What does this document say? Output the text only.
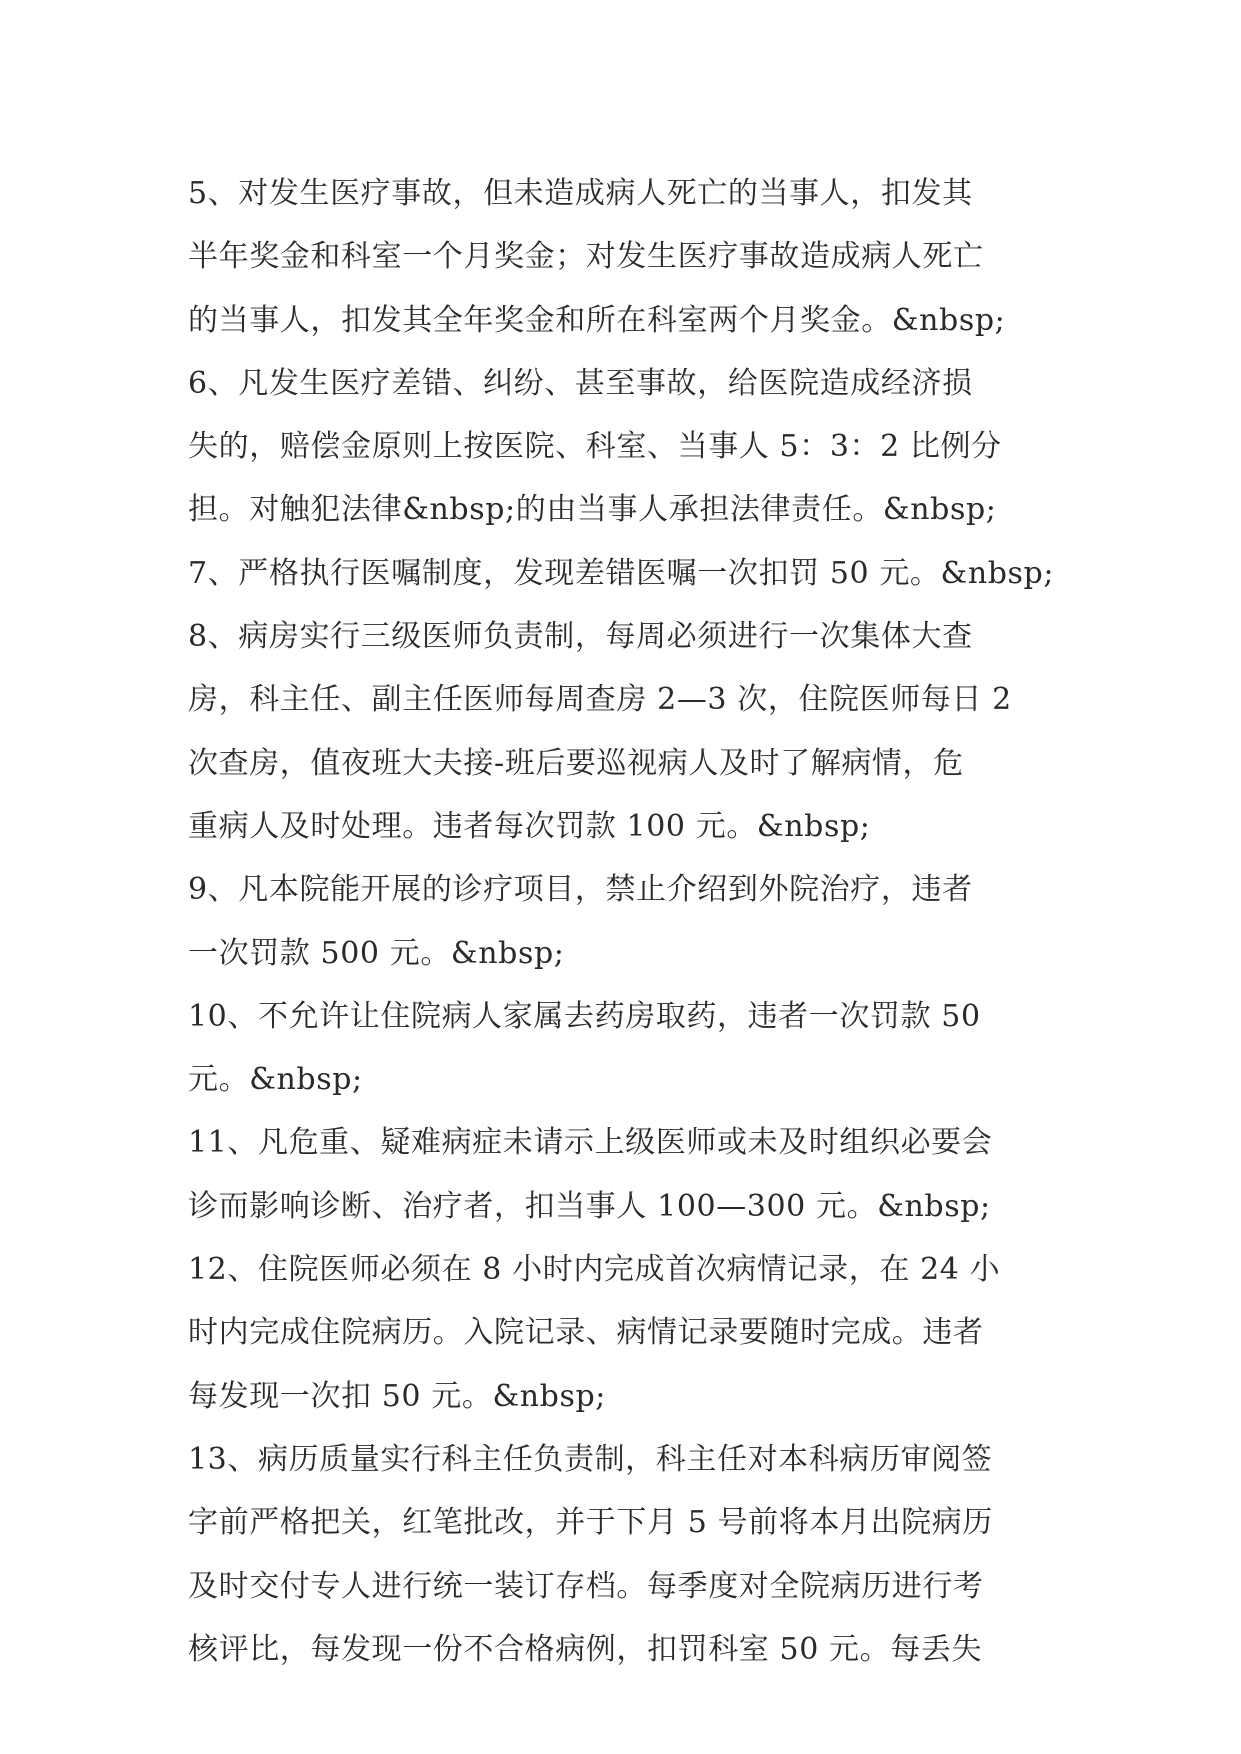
5、对发生医疗事故，但未造成病人死亡的当事人，扣发其
半年奖金和科室一个月奖金；对发生医疗事故造成病人死亡
的当事人，扣发其全年奖金和所在科室两个月奖金。&nbsp;
6、凡发生医疗差错、纠纷、甚至事故，给医院造成经济损
失的，赔偿金原则上按医院、科室、当事人 5：3：2 比例分
担。对触犯法律&nbsp;的由当事人承担法律责任。&nbsp;
7、严格执行医嘱制度，发现差错医嘱一次扣罚 50 元。&nbsp;
8、病房实行三级医师负责制，每周必须进行一次集体大查
房，科主任、副主任医师每周查房 2—3 次，住院医师每日 2
次查房，值夜班大夫接-班后要巡视病人及时了解病情，危
重病人及时处理。违者每次罚款 100 元。&nbsp;
9、凡本院能开展的诊疗项目，禁止介绍到外院治疗，违者
一次罚款 500 元。&nbsp;
10、不允许让住院病人家属去药房取药，违者一次罚款 50
元。&nbsp;
11、凡危重、疑难病症未请示上级医师或未及时组织必要会
诊而影响诊断、治疗者，扣当事人 100—300 元。&nbsp;
12、住院医师必须在 8 小时内完成首次病情记录，在 24 小
时内完成住院病历。入院记录、病情记录要随时完成。违者
每发现一次扣 50 元。&nbsp;
13、病历质量实行科主任负责制，科主任对本科病历审阅签
字前严格把关，红笔批改，并于下月 5 号前将本月出院病历
及时交付专人进行统一装订存档。每季度对全院病历进行考
核评比，每发现一份不合格病例，扣罚科室 50 元。每丢失
